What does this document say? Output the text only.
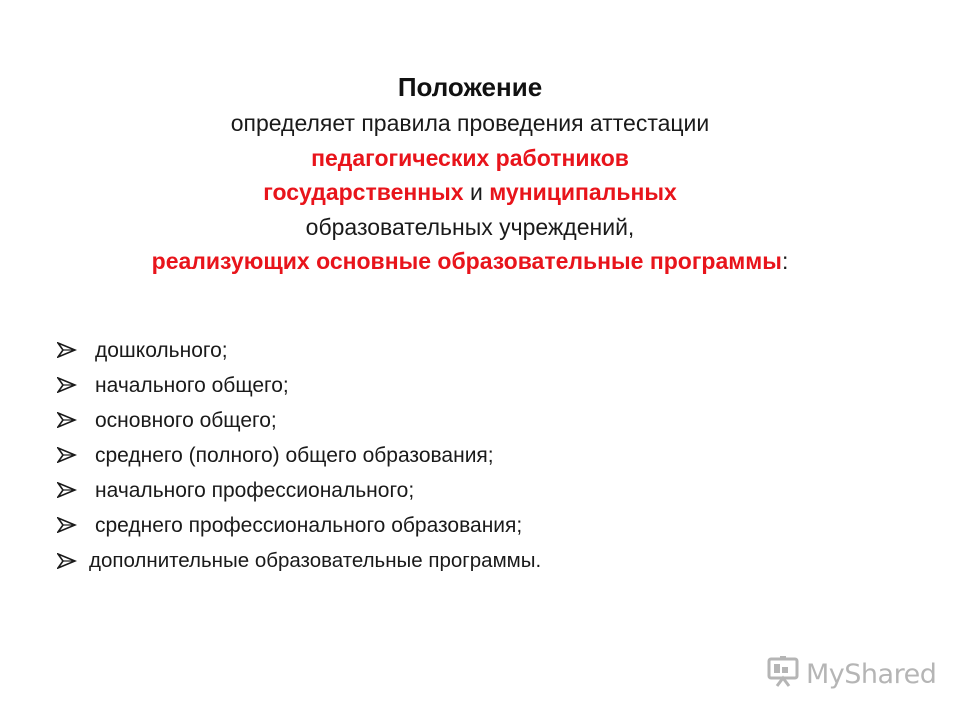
Положение
определяет правила проведения аттестации
педагогических работников
государственных и муниципальных
образовательных учреждений,
реализующих основные образовательные программы:
дошкольного;
начального общего;
основного общего;
среднего (полного) общего образования;
начального профессионального;
среднего профессионального образования;
дополнительные образовательные программы.
MyShared
